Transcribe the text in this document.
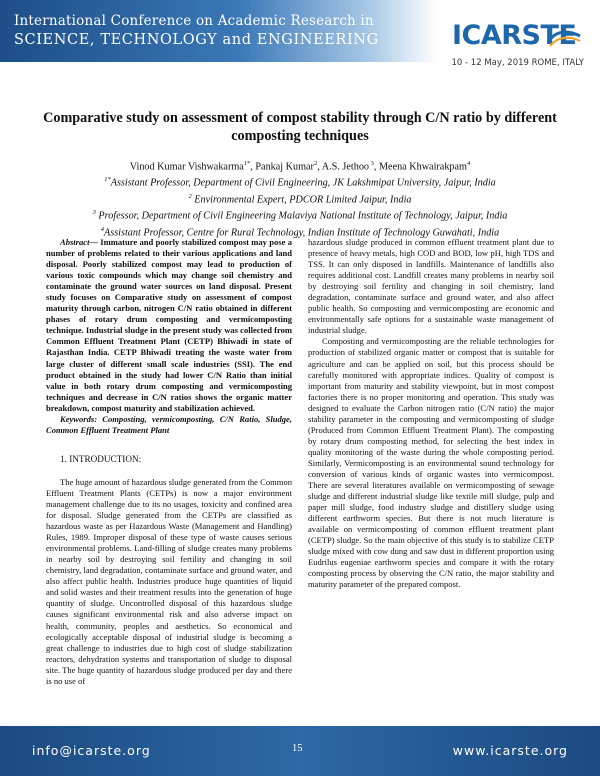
International Conference on Academic Research in
SCIENCE, TECHNOLOGY and ENGINEERING	ICARSTE
10 - 12 May, 2019 ROME, ITALY
Comparative study on assessment of compost stability through C/N ratio by different
composting techniques
Vinod Kumar Vishwakarma$^{1*}$, Pankaj Kumar$^2$, A.S. Jethoo $^3$, Meena Khwairakpam$^4$
$^{1*}$Assistant Professor, Department of Civil Engineering, JK Lakshmipat University, Jaipur, India
$^2$ Environmental Expert, PDCOR Limited Jaipur, India
$^3$ Professor, Department of Civil Engineering Malaviya National Institute of Technology, Jaipur, India
$^4$Assistant Professor, Centre for Rural Technology, Indian Institute of Technology Guwahati, India

Abstract— Immature and poorly stabilized compost may pose a number of problems related to their various applications and land disposal. Poorly stabilized compost may lead to production of various toxic compounds which may change soil chemistry and contaminate the ground water sources on land disposal. Present study focuses on Comparative study on assessment of compost maturity through carbon, nitrogen C/N ratio obtained in different phases of rotary drum composting and vermicomposting technique. Industrial sludge in the present study was collected from Common Effluent Treatment Plant (CETP) Bhiwadi in state of Rajasthan India. CETP Bhiwadi treating the waste water from large cluster of different small scale industries (SSI). The end product obtained in the study had lower C/N Ratio than initial value in both rotary drum composting and vermicomposting techniques and decrease in C/N ratios shows the organic matter breakdown, compost maturity and stabilization achieved.

Keywords: Composting, vermicomposting, C/N Ratio, Sludge, Common Effluent Treatment Plant

1. INTRODUCTION:

The huge amount of hazardous sludge generated from the Common Effluent Treatment Plants (CETPs) is now a major environment management challenge due to its no usages, toxicity and confined area for disposal. Sludge generated from the CETPs are classified as hazardous waste as per Hazardous Waste (Management and Handling) Rules, 1989. Improper disposal of these type of waste causes serious environmental problems. Land-filling of sludge creates many problems in nearby soil by destroying soil fertility and changing in soil chemistry, land degradation, contaminate surface and ground water, and also affect public health. Industries produce huge quantities of liquid and solid wastes and their treatment results into the generation of huge quantity of sludge. Uncontrolled disposal of this hazardous sludge causes significant environmental risk and also adverse impact on health, community, peoples and aesthetics. So economical and ecologically acceptable disposal of industrial sludge is becoming a great challenge to industries due to high cost of sludge stabilization reactors, dehydration systems and transportation of sludge to disposal site. The huge quantity of hazardous sludge produced per day and there is no use of

hazardous sludge produced in common effluent treatment plant due to presence of heavy metals, high COD and BOD, low pH, high TDS and TSS. It can only disposed in landfills. Maintenance of landfills also requires additional cost. Landfill creates many problems in nearby soil by destroying soil fertility and changing in soil chemistry, land degradation, contaminate surface and ground water, and also affect public health. So composting and vermicomposting are economic and environmentally safe options for a sustainable waste management of industrial sludge.

Composting and vermicomposting are the reliable technologies for production of stabilized organic matter or compost that is suitable for agriculture and can be applied on soil, but this process should be carefully monitored with appropriate indices. Quality of compost is important from maturity and stability viewpoint, but in most compost factories there is no proper monitoring and operation. This study was designed to evaluate the Carbon nitrogen ratio (C/N ratio) the major stability parameter in the composting and vermicomposting of sludge (Produced from Common Effluent Treatment Plant). The composting by rotary drum composting method, for selecting the best index in quality monitoring of the waste during the whole composting period. Similarly, Vermicomposting is an environmental sound technology for conversion of various kinds of organic wastes into vermicompost. There are several literatures available on vermicomposting of sewage sludge and different industrial sludge like textile mill sludge, pulp and paper mill sludge, food industry sludge and distillery sludge using different earthworm species. But there is not much literature is available on vermicomposting of common effluent treatment plant (CETP) sludge. So the main objective of this study is to stabilize CETP sludge mixed with cow dung and saw dust in different proportion using Eudrilus eugeniae earthworm species and compare it with the rotary composting process by observing the C/N ratio, the major stability and maturity parameter of the prepared compost.

info@icarste.org	15	www.icarste.org
